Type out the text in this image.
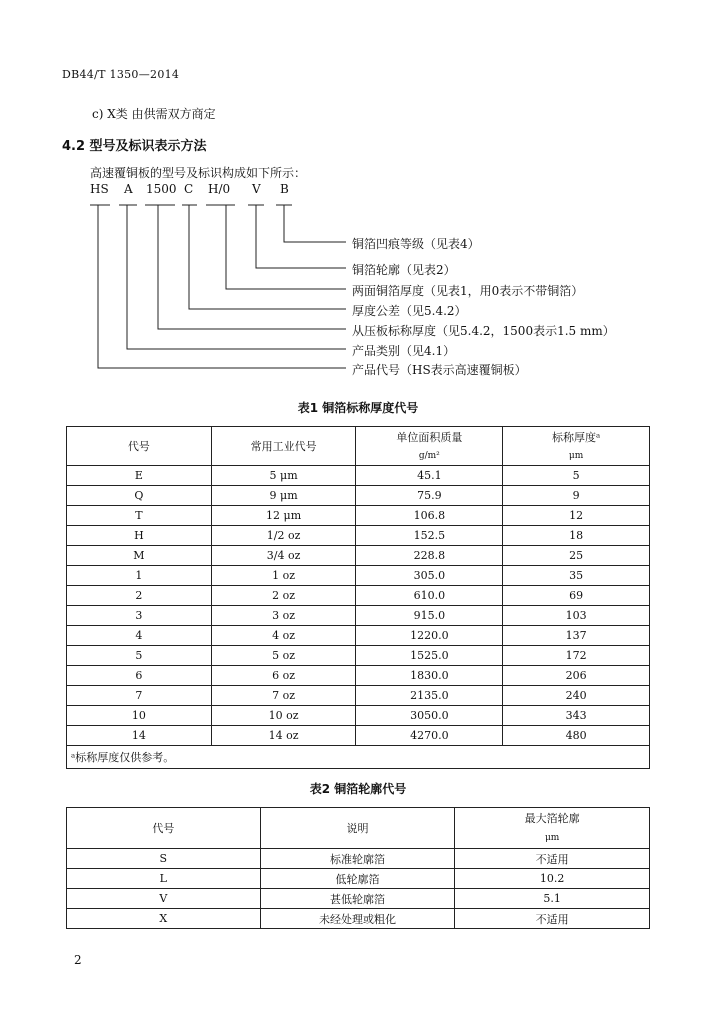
DB44/T 1350—2014
c) X类 由供需双方商定
4.2 型号及标识表示方法
高速覆铜板的型号及标识构成如下所示：
HS A 1500 C H/0 V B
铜箔凹痕等级（见表4）
铜箔轮廓（见表2）
两面铜箔厚度（见表1，用0表示不带铜箔）
厚度公差（见5.4.2）
从压板标称厚度（见5.4.2，1500表示1.5 mm）
产品类别（见4.1）
产品代号（HS表示高速覆铜板）
表1 铜箔标称厚度代号
代号	常用工业代号	单位面积质量	标称厚度ᵃ
		g/m²	μm
E	5 μm	45.1	5
Q	9 μm	75.9	9
T	12 μm	106.8	12
H	1/2 oz	152.5	18
M	3/4 oz	228.8	25
1	1 oz	305.0	35
2	2 oz	610.0	69
3	3 oz	915.0	103
4	4 oz	1220.0	137
5	5 oz	1525.0	172
6	6 oz	1830.0	206
7	7 oz	2135.0	240
10	10 oz	3050.0	343
14	14 oz	4270.0	480
ᵃ标称厚度仅供参考。			
表2 铜箔轮廓代号
代号	说明	最大箔轮廓
		μm
S	标准轮廓箔	不适用
L	低轮廓箔	10.2
V	甚低轮廓箔	5.1
X	未经处理或粗化	不适用
2
